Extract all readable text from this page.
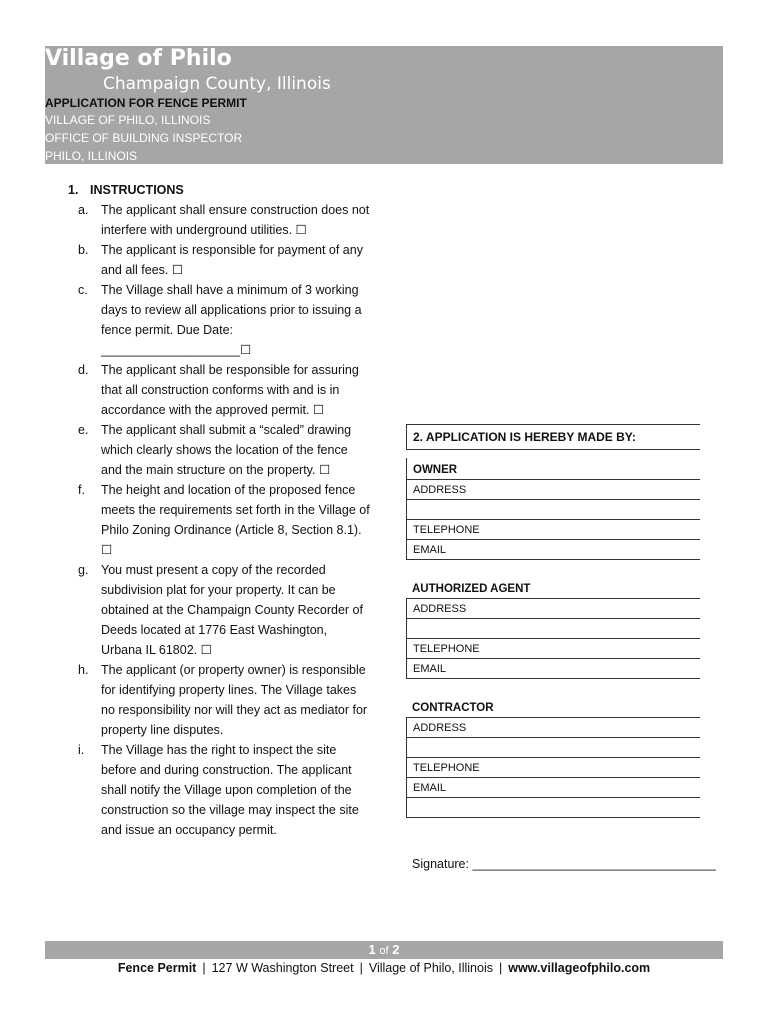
Village of Philo
Champaign County, Illinois
APPLICATION FOR FENCE PERMIT
VILLAGE OF PHILO, ILLINOIS
OFFICE OF BUILDING INSPECTOR
PHILO, ILLINOIS
1. INSTRUCTIONS
a. The applicant shall ensure construction does not interfere with underground utilities. ☐
b. The applicant is responsible for payment of any and all fees. ☐
c. The Village shall have a minimum of 3 working days to review all applications prior to issuing a fence permit. Due Date: ____________________☐
d. The applicant shall be responsible for assuring that all construction conforms with and is in accordance with the approved permit. ☐
e. The applicant shall submit a “scaled” drawing which clearly shows the location of the fence and the main structure on the property. ☐
f. The height and location of the proposed fence meets the requirements set forth in the Village of Philo Zoning Ordinance (Article 8, Section 8.1). ☐
g. You must present a copy of the recorded subdivision plat for your property. It can be obtained at the Champaign County Recorder of Deeds located at 1776 East Washington, Urbana IL 61802. ☐
h. The applicant (or property owner) is responsible for identifying property lines. The Village takes no responsibility nor will they act as mediator for property line disputes.
i. The Village has the right to inspect the site before and during construction. The applicant shall notify the Village upon completion of the construction so the village may inspect the site and issue an occupancy permit.
2. APPLICATION IS HEREBY MADE BY:
OWNER
ADDRESS
TELEPHONE
EMAIL
AUTHORIZED AGENT
ADDRESS
TELEPHONE
EMAIL
CONTRACTOR
ADDRESS
TELEPHONE
EMAIL
Signature: ___________________________________
1 of 2
Fence Permit | 127 W Washington Street | Village of Philo, Illinois | www.villageofphilo.com
